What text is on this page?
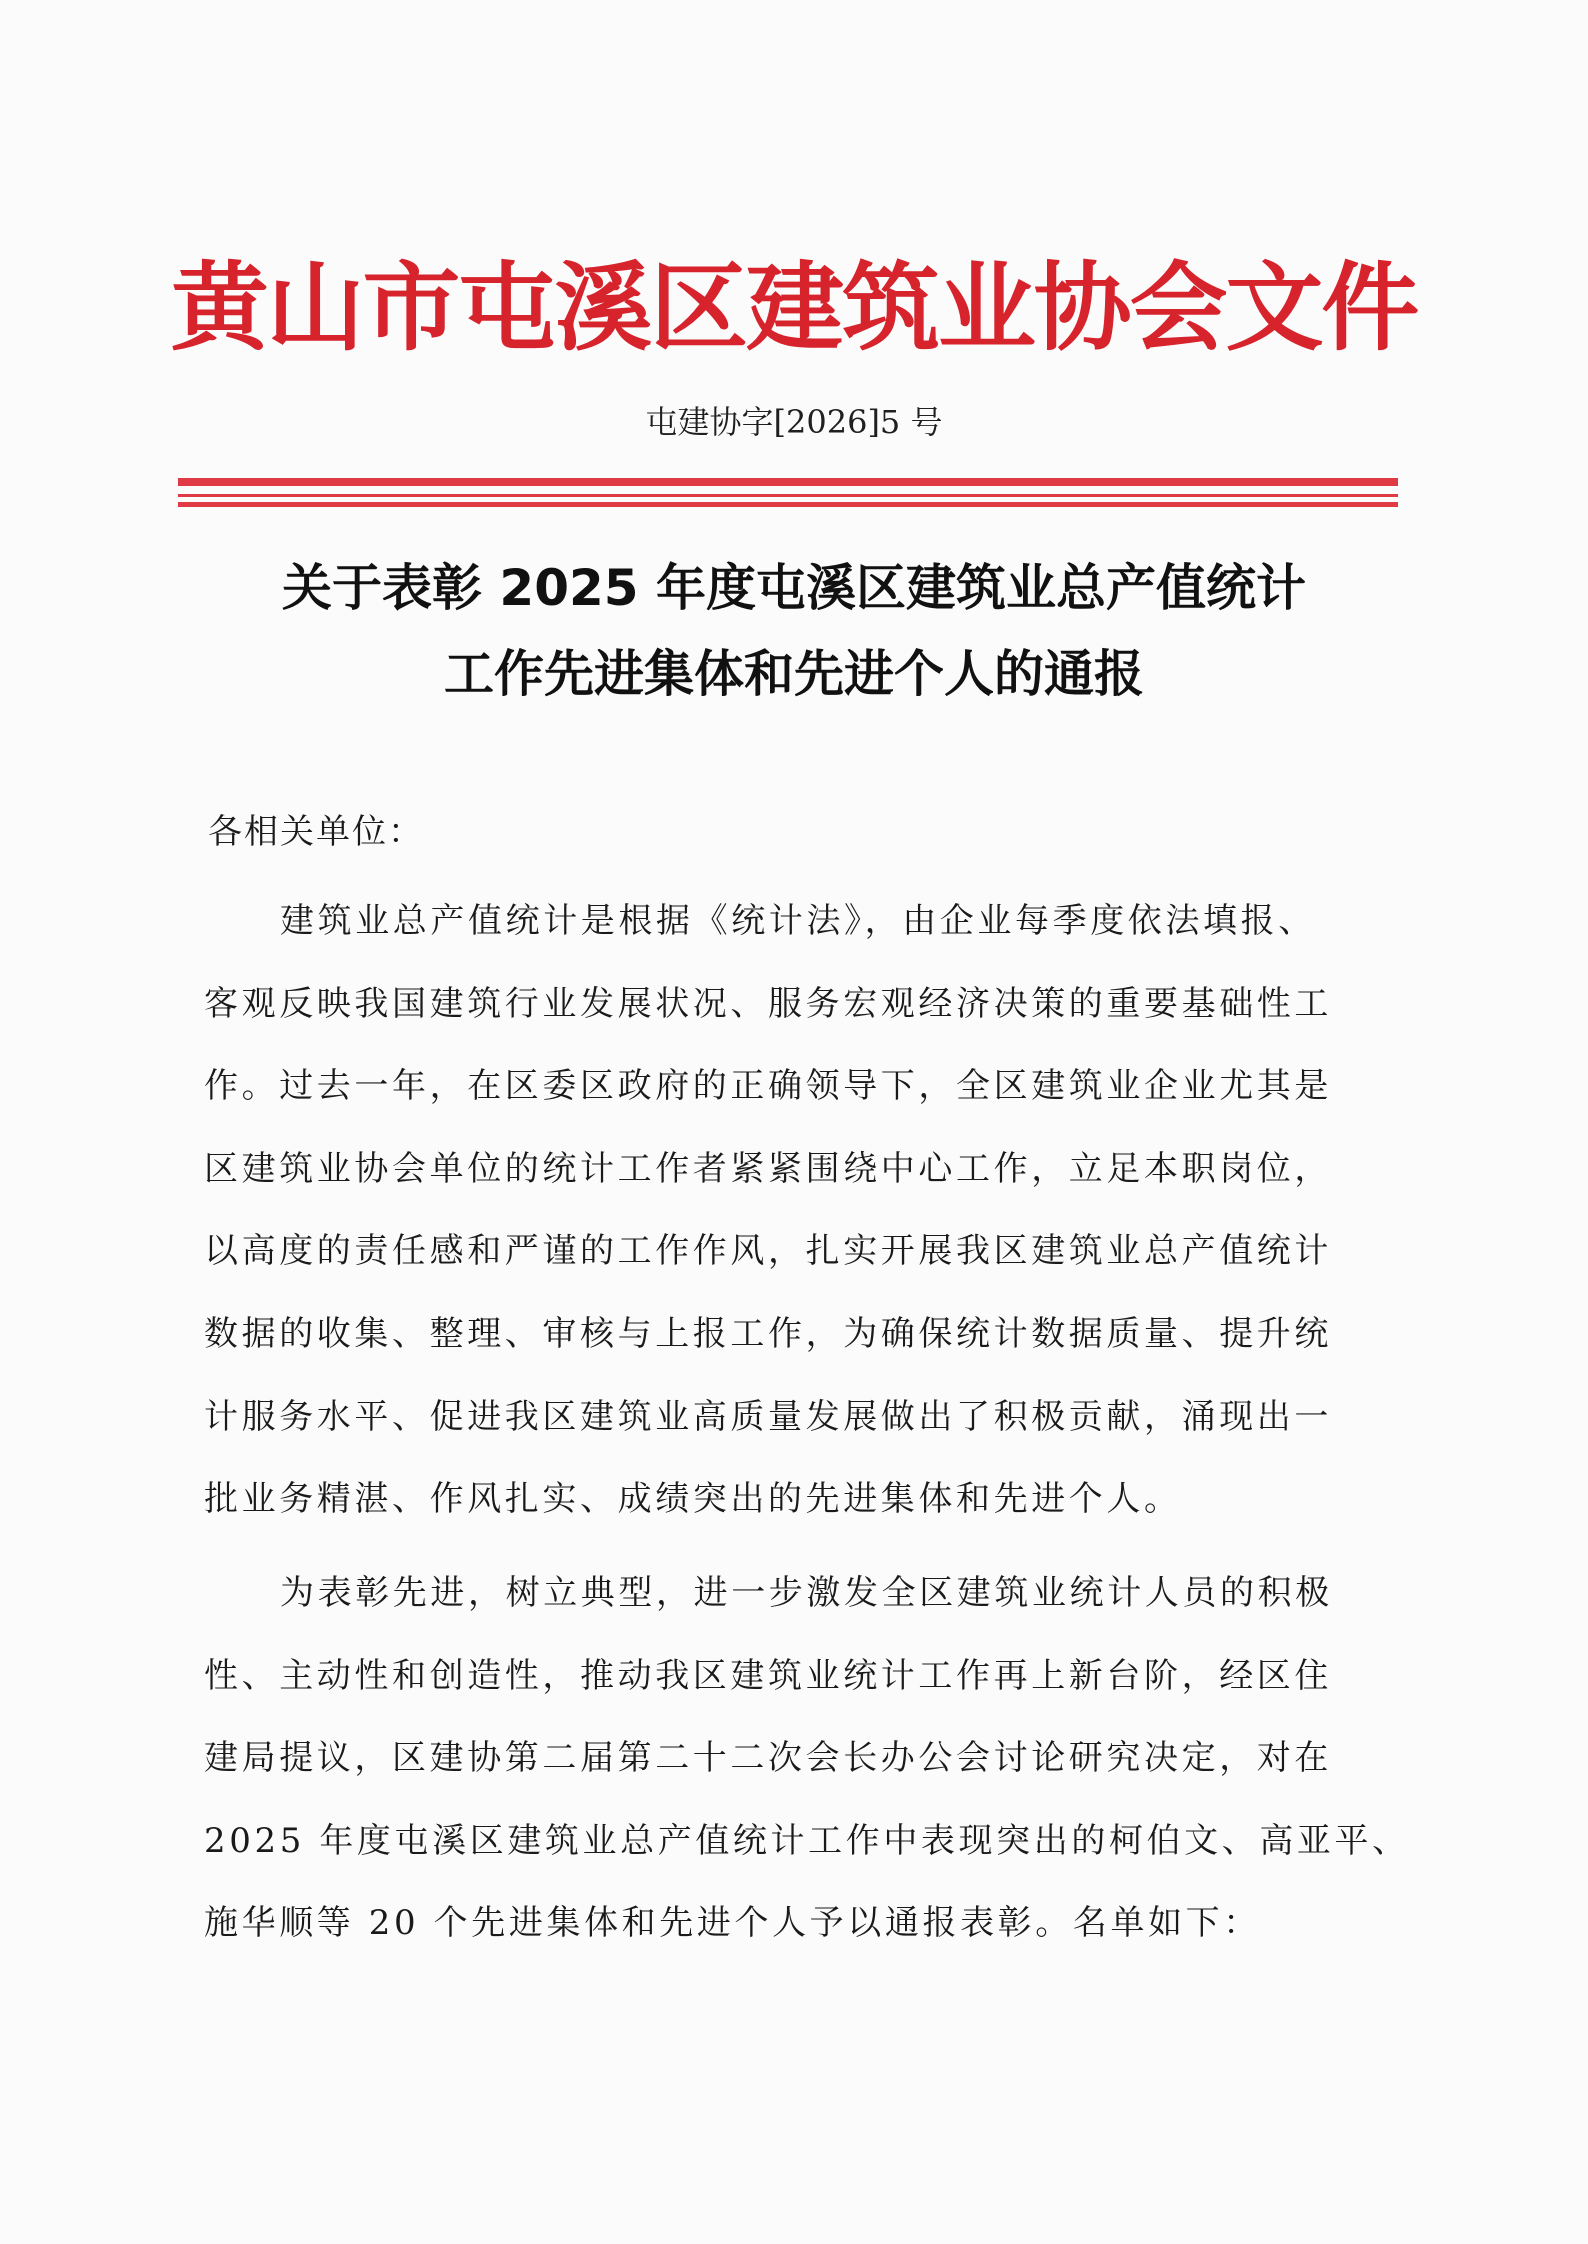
黄山市屯溪区建筑业协会文件
屯建协字[2026]5 号
关于表彰 2025 年度屯溪区建筑业总产值统计
工作先进集体和先进个人的通报
各相关单位：
建筑业总产值统计是根据《统计法》，由企业每季度依法填报、
客观反映我国建筑行业发展状况、服务宏观经济决策的重要基础性工
作。过去一年，在区委区政府的正确领导下，全区建筑业企业尤其是
区建筑业协会单位的统计工作者紧紧围绕中心工作，立足本职岗位，
以高度的责任感和严谨的工作作风，扎实开展我区建筑业总产值统计
数据的收集、整理、审核与上报工作，为确保统计数据质量、提升统
计服务水平、促进我区建筑业高质量发展做出了积极贡献，涌现出一
批业务精湛、作风扎实、成绩突出的先进集体和先进个人。
为表彰先进，树立典型，进一步激发全区建筑业统计人员的积极
性、主动性和创造性，推动我区建筑业统计工作再上新台阶，经区住
建局提议，区建协第二届第二十二次会长办公会讨论研究决定，对在
2025 年度屯溪区建筑业总产值统计工作中表现突出的柯伯文、高亚平、
施华顺等 20 个先进集体和先进个人予以通报表彰。名单如下：
